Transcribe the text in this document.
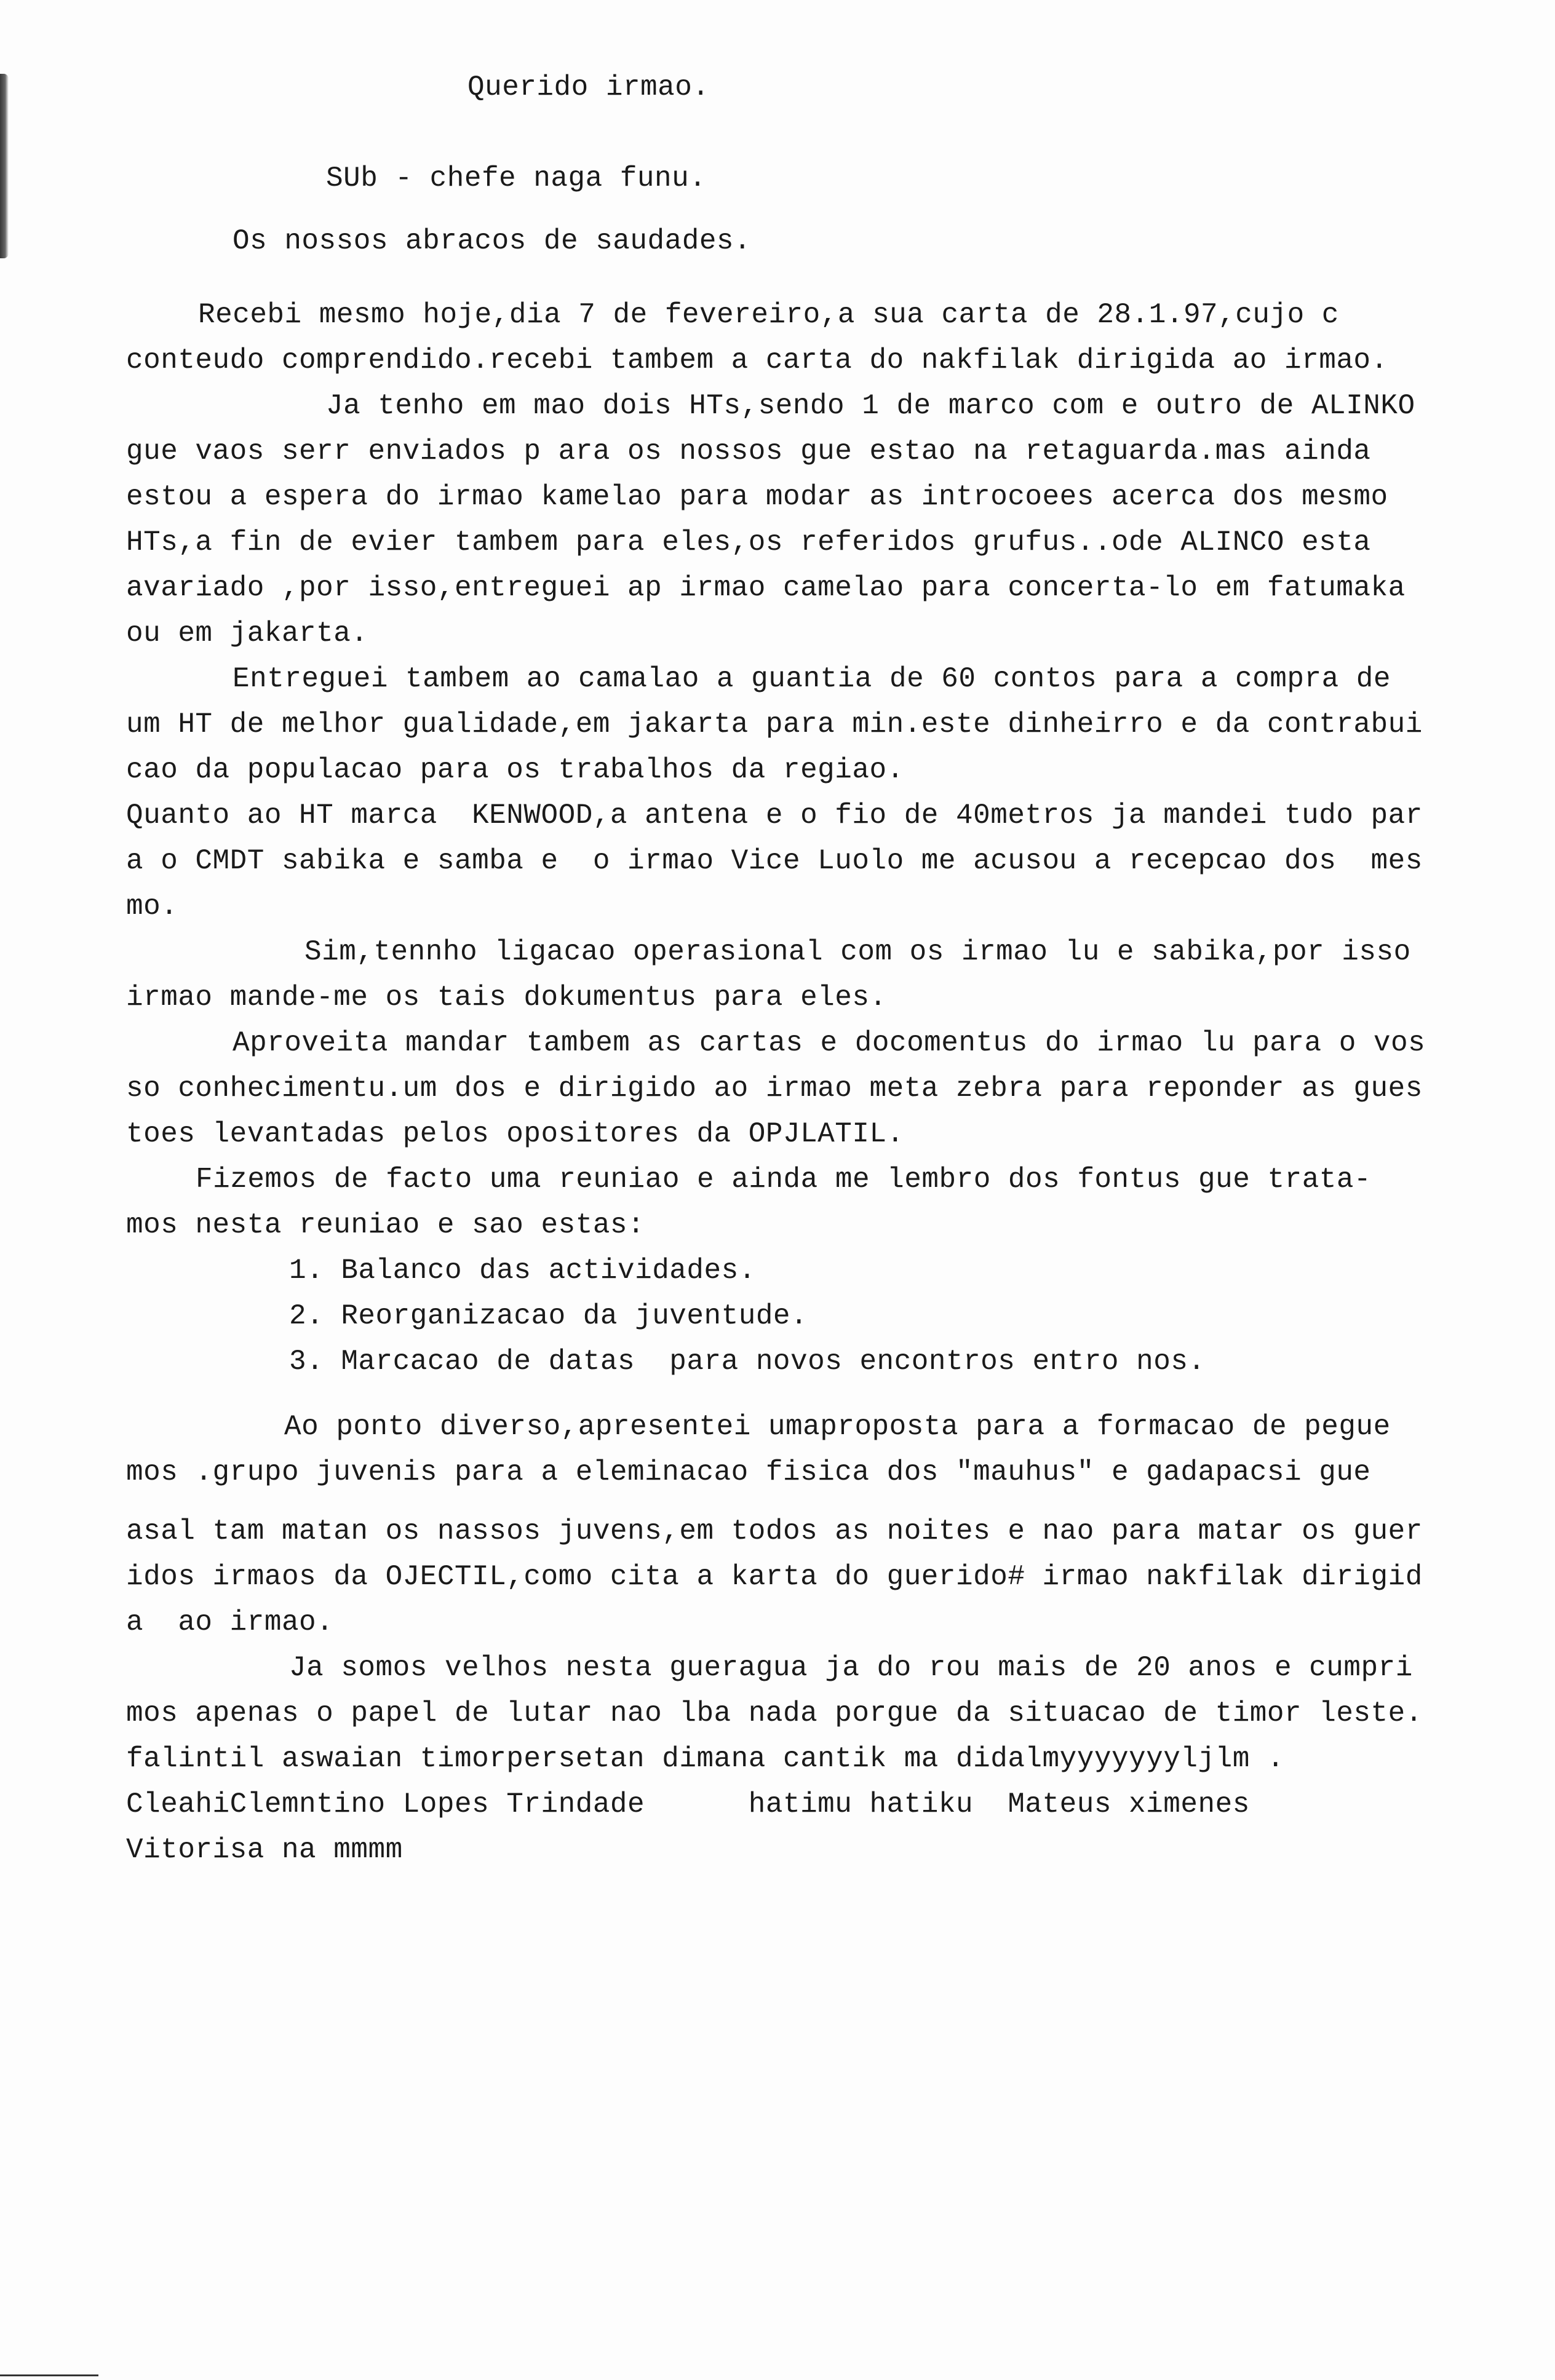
Querido irmao.
SUb - chefe naga funu.
Os nossos abracos de saudades.
Recebi mesmo hoje,dia 7 de fevereiro,a sua carta de 28.1.97,cujo c
conteudo comprendido.recebi tambem a carta do nakfilak dirigida ao irmao.
Ja tenho em mao dois HTs,sendo 1 de marco com e outro de ALINKO
gue vaos serr enviados p ara os nossos gue estao na retaguarda.mas ainda
estou a espera do irmao kamelao para modar as introcoees acerca dos mesmo
HTs,a fin de evier tambem para eles,os referidos grufus..ode ALINCO esta
avariado ,por isso,entreguei ap irmao camelao para concerta-lo em fatumaka
ou em jakarta.
Entreguei tambem ao camalao a guantia de 60 contos para a compra de
um HT de melhor gualidade,em jakarta para min.este dinheirro e da contrabui
cao da populacao para os trabalhos da regiao.
Quanto ao HT marca  KENWOOD,a antena e o fio de 40metros ja mandei tudo par
a o CMDT sabika e samba e  o irmao Vice Luolo me acusou a recepcao dos  mes
mo.
Sim,tennho ligacao operasional com os irmao lu e sabika,por isso
irmao mande-me os tais dokumentus para eles.
Aproveita mandar tambem as cartas e docomentus do irmao lu para o vos
so conhecimentu.um dos e dirigido ao irmao meta zebra para reponder as gues
toes levantadas pelos opositores da OPJLATIL.
Fizemos de facto uma reuniao e ainda me lembro dos fontus gue trata-
mos nesta reuniao e sao estas:
1. Balanco das actividades.
2. Reorganizacao da juventude.
3. Marcacao de datas  para novos encontros entro nos.
Ao ponto diverso,apresentei umaproposta para a formacao de pegue
mos .grupo juvenis para a eleminacao fisica dos "mauhus" e gadapacsi gue
asal tam matan os nassos juvens,em todos as noites e nao para matar os guer
idos irmaos da OJECTIL,como cita a karta do guerido# irmao nakfilak dirigid
a  ao irmao.
Ja somos velhos nesta gueragua ja do rou mais de 20 anos e cumpri
mos apenas o papel de lutar nao lba nada porgue da situacao de timor leste.
falintil aswaian timorpersetan dimana cantik ma didalmyyyyyyyljlm .
CleahiClemntino Lopes Trindade      hatimu hatiku  Mateus ximenes
Vitorisa na mmmm
